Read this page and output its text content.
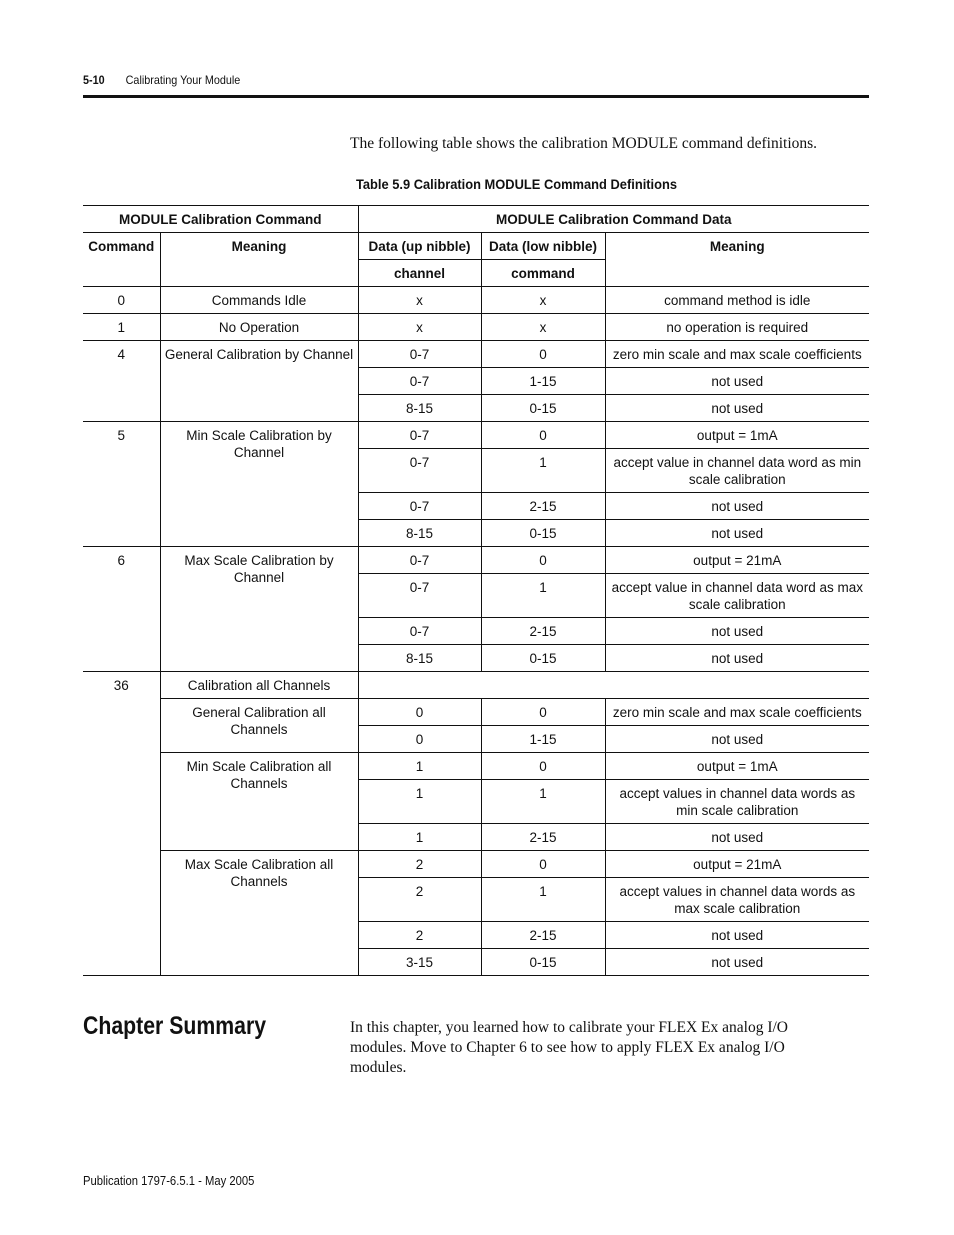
5-10 Calibrating Your Module
The following table shows the calibration MODULE command definitions.
Table 5.9 Calibration MODULE Command Definitions
MODULE Calibration Command		MODULE Calibration Command Data		
Command	Meaning	Data (up nibble)	Data (low nibble)	Meaning
		channel	command	
0	Commands Idle	x	x	command method is idle
1	No Operation	x	x	no operation is required
4	General Calibration by Channel	0-7	0	zero min scale and max scale coefficients
		0-7	1-15	not used
		8-15	0-15	not used
5	Min Scale Calibration by Channel	0-7	0	output = 1mA
		0-7	1	accept value in channel data word as min scale calibration
		0-7	2-15	not used
		8-15	0-15	not used
6	Max Scale Calibration by Channel	0-7	0	output = 21mA
		0-7	1	accept value in channel data word as max scale calibration
		0-7	2-15	not used
		8-15	0-15	not used
36	Calibration all Channels			
	General Calibration all Channels	0	0	zero min scale and max scale coefficients
		0	1-15	not used
	Min Scale Calibration all Channels	1	0	output = 1mA
		1	1	accept values in channel data words as min scale calibration
		1	2-15	not used
	Max Scale Calibration all Channels	2	0	output = 21mA
		2	1	accept values in channel data words as max scale calibration
		2	2-15	not used
		3-15	0-15	not used
Chapter Summary	In this chapter, you learned how to calibrate your FLEX Ex analog I/O modules. Move to Chapter 6 to see how to apply FLEX Ex analog I/O modules.
Publication 1797-6.5.1 - May 2005
